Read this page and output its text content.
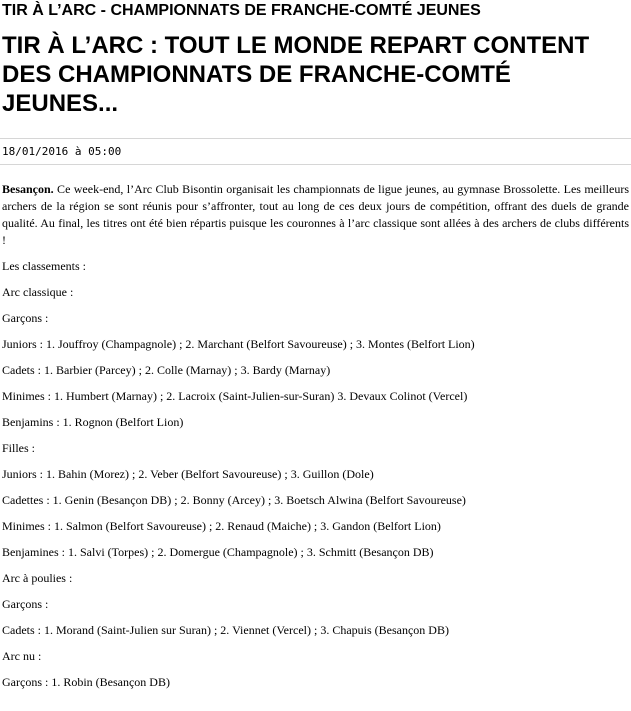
TIR À L’ARC - CHAMPIONNATS DE FRANCHE-COMTÉ JEUNES
TIR À L’ARC : TOUT LE MONDE REPART CONTENT DES CHAMPIONNATS DE FRANCHE-COMTÉ JEUNES...
18/01/2016 à 05:00

Besançon. Ce week-end, l’Arc Club Bisontin organisait les championnats de ligue jeunes, au gymnase Brossolette. Les meilleurs archers de la région se sont réunis pour s’affronter, tout au long de ces deux jours de compétition, offrant des duels de grande qualité. Au final, les titres ont été bien répartis puisque les couronnes à l’arc classique sont allées à des archers de clubs différents !

Les classements :

Arc classique :

Garçons :

Juniors : 1. Jouffroy (Champagnole) ; 2. Marchant (Belfort Savoureuse) ; 3. Montes (Belfort Lion)

Cadets : 1. Barbier (Parcey) ; 2. Colle (Marnay) ; 3. Bardy (Marnay)

Minimes : 1. Humbert (Marnay) ; 2. Lacroix (Saint-Julien-sur-Suran) 3. Devaux Colinot (Vercel)

Benjamins : 1. Rognon (Belfort Lion)

Filles :

Juniors : 1. Bahin (Morez) ; 2. Veber (Belfort Savoureuse) ; 3. Guillon (Dole)

Cadettes : 1. Genin (Besançon DB) ; 2. Bonny (Arcey) ; 3. Boetsch Alwina (Belfort Savoureuse)

Minimes : 1. Salmon (Belfort Savoureuse) ; 2. Renaud (Maiche) ; 3. Gandon (Belfort Lion)

Benjamines : 1. Salvi (Torpes) ; 2. Domergue (Champagnole) ; 3. Schmitt (Besançon DB)

Arc à poulies :

Garçons :

Cadets : 1. Morand (Saint-Julien sur Suran) ; 2. Viennet (Vercel) ; 3. Chapuis (Besançon DB)

Arc nu :

Garçons : 1. Robin (Besançon DB)
